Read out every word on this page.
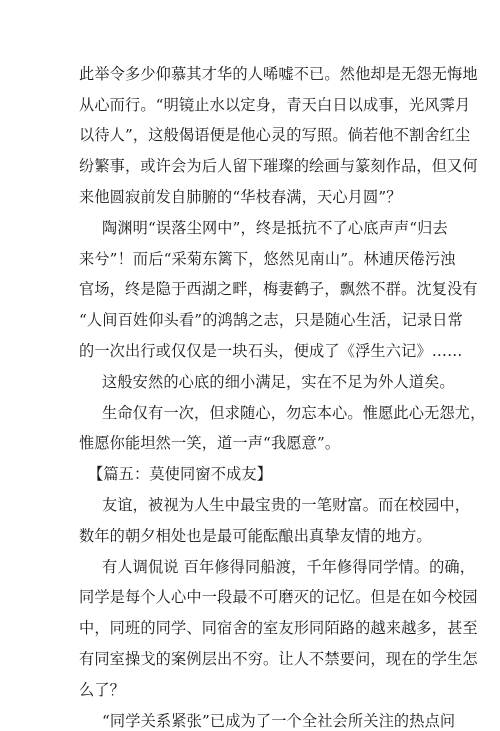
此举令多少仰慕其才华的人唏嘘不已。然他却是无怨无悔地
从心而行。“明镜止水以定身，青天白日以成事，光风霁月
以待人”，这般偈语便是他心灵的写照。倘若他不割舍红尘
纷繁事，或许会为后人留下璀璨的绘画与篆刻作品，但又何
来他圆寂前发自肺腑的“华枝春满，天心月圆”？
陶渊明“误落尘网中”，终是抵抗不了心底声声“归去
来兮”！而后“采菊东篱下，悠然见南山”。林逋厌倦污浊
官场，终是隐于西湖之畔，梅妻鹤子，飘然不群。沈复没有
“人间百姓仰头看”的鸿鹄之志，只是随心生活，记录日常
的一次出行或仅仅是一块石头，便成了《浮生六记》……
这般安然的心底的细小满足，实在不足为外人道矣。
生命仅有一次，但求随心，勿忘本心。惟愿此心无怨尤，
惟愿你能坦然一笑，道一声“我愿意”。
【篇五：莫使同窗不成友】
友谊，被视为人生中最宝贵的一笔财富。而在校园中，
数年的朝夕相处也是最可能酝酿出真挚友情的地方。
有人调侃说 百年修得同船渡，千年修得同学情。的确，
同学是每个人心中一段最不可磨灭的记忆。但是在如今校园
中，同班的同学、同宿舍的室友形同陌路的越来越多，甚至
有同室操戈的案例层出不穷。让人不禁要问，现在的学生怎
么了？
“同学关系紧张”已成为了一个全社会所关注的热点问
